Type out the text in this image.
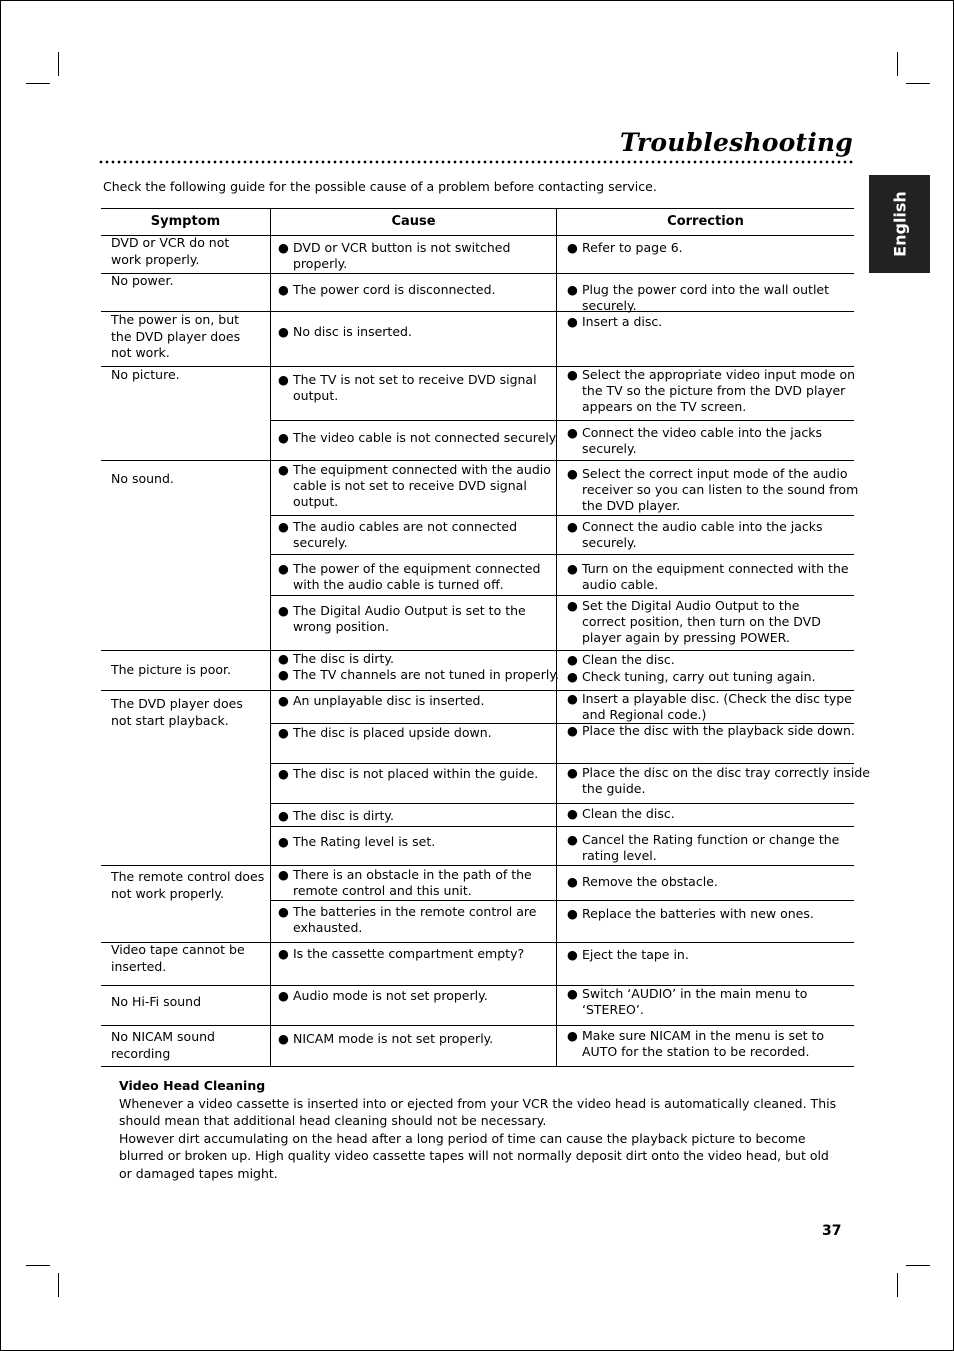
Troubleshooting
English
Check the following guide for the possible cause of a problem before contacting service.
Symptom	Cause	Correction
DVD or VCR do not work properly.
No power.
The power is on, but the DVD player does not work.
No picture.
No sound.
The picture is poor.
The DVD player does not start playback.
The remote control does not work properly.
Video tape cannot be inserted.
No Hi-Fi sound
No NICAM sound recording
● DVD or VCR button is not switched properly.
● The power cord is disconnected.
● No disc is inserted.
● The TV is not set to receive DVD signal output.
● The video cable is not connected securely.
● The equipment connected with the audio cable is not set to receive DVD signal output.
● The audio cables are not connected securely.
● The power of the equipment connected with the audio cable is turned off.
● The Digital Audio Output is set to the wrong position.
● The disc is dirty.
● The TV channels are not tuned in properly.
● An unplayable disc is inserted.
● The disc is placed upside down.
● The disc is not placed within the guide.
● The disc is dirty.
● The Rating level is set.
● There is an obstacle in the path of the remote control and this unit.
● The batteries in the remote control are exhausted.
● Is the cassette compartment empty?
● Audio mode is not set properly.
● NICAM mode is not set properly.
● Refer to page 6.
● Plug the power cord into the wall outlet securely.
● Insert a disc.
● Select the appropriate video input mode on the TV so the picture from the DVD player appears on the TV screen.
● Connect the video cable into the jacks securely.
● Select the correct input mode of the audio receiver so you can listen to the sound from the DVD player.
● Connect the audio cable into the jacks securely.
● Turn on the equipment connected with the audio cable.
● Set the Digital Audio Output to the correct position, then turn on the DVD player again by pressing POWER.
● Clean the disc.
● Check tuning, carry out tuning again.
● Insert a playable disc. (Check the disc type and Regional code.)
● Place the disc with the playback side down.
● Place the disc on the disc tray correctly inside the guide.
● Clean the disc.
● Cancel the Rating function or change the rating level.
● Remove the obstacle.
● Replace the batteries with new ones.
● Eject the tape in.
● Switch ‘AUDIO’ in the main menu to ‘STEREO’.
● Make sure NICAM in the menu is set to AUTO for the station to be recorded.
Video Head Cleaning
Whenever a video cassette is inserted into or ejected from your VCR the video head is automatically cleaned. This should mean that additional head cleaning should not be necessary.
However dirt accumulating on the head after a long period of time can cause the playback picture to become blurred or broken up. High quality video cassette tapes will not normally deposit dirt onto the video head, but old or damaged tapes might.
37
